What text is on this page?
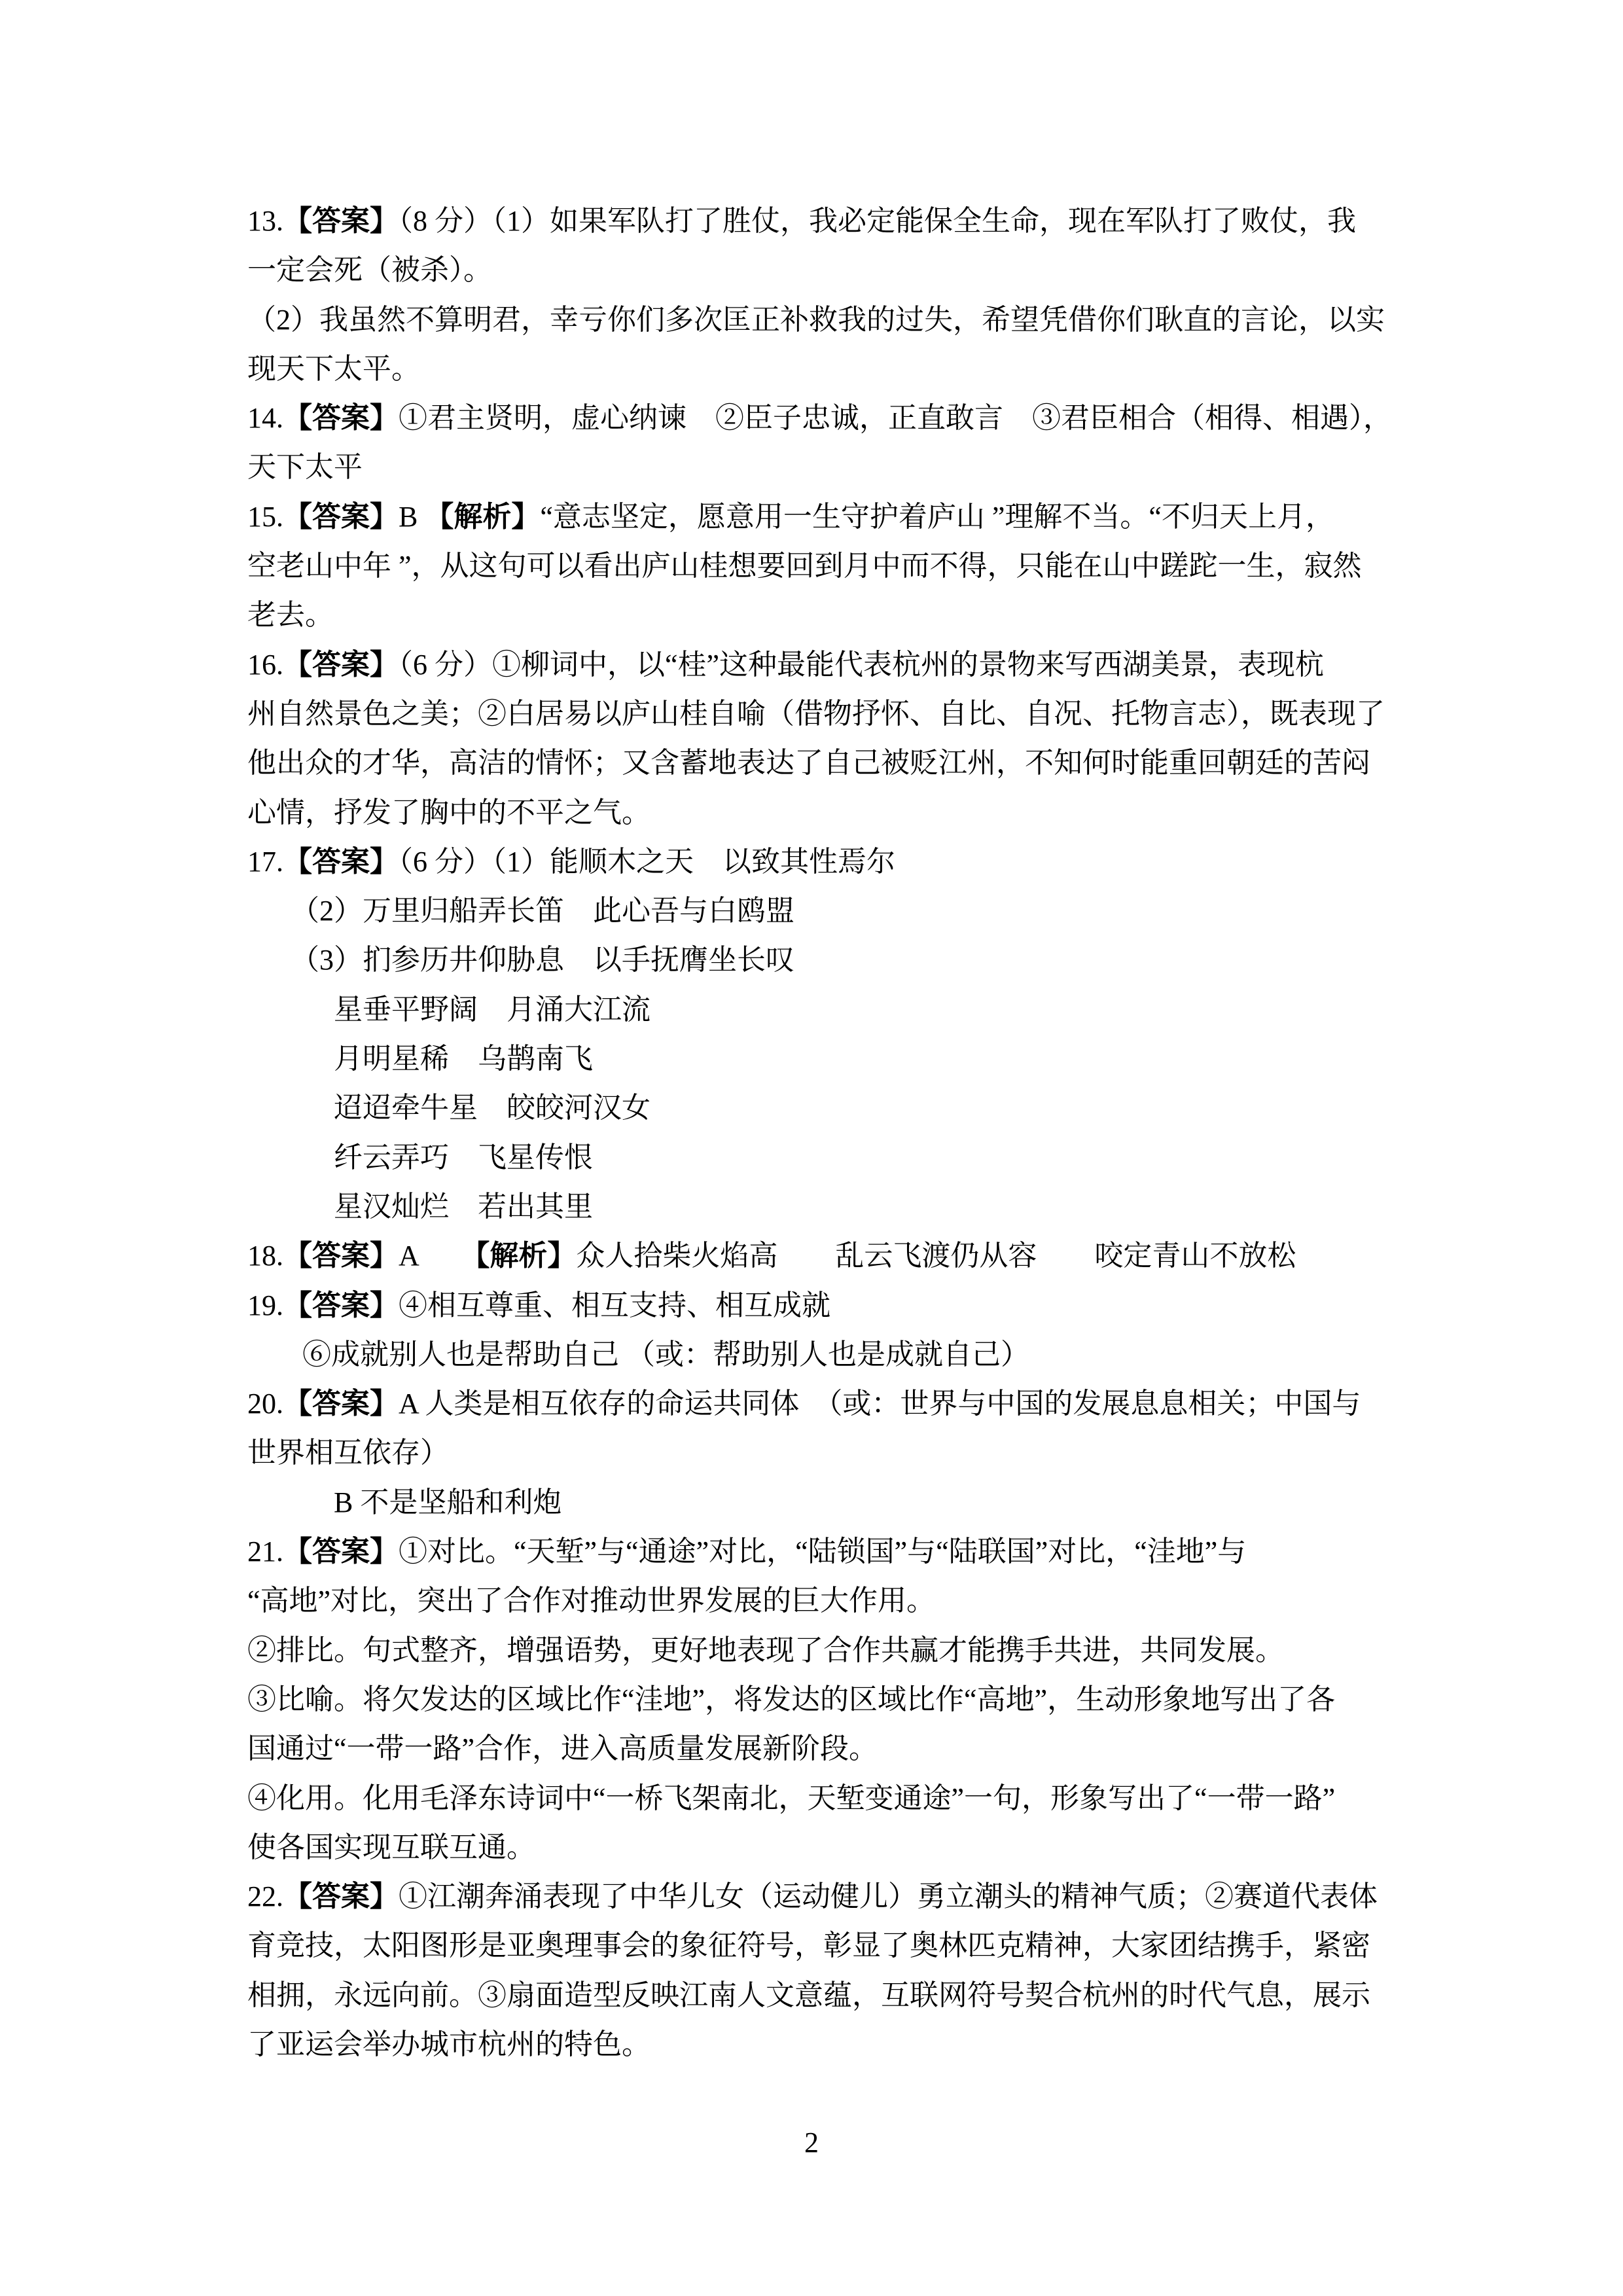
13.【答案】（8 分）（1）如果军队打了胜仗，我必定能保全生命，现在军队打了败仗，我
一定会死（被杀）。
（2）我虽然不算明君，幸亏你们多次匡正补救我的过失，希望凭借你们耿直的言论，以实
现天下太平。
14.【答案】①君主贤明，虚心纳谏　②臣子忠诚，正直敢言　③君臣相合（相得、相遇），
天下太平
15.【答案】B 【解析】“意志坚定，愿意用一生守护着庐山 ”理解不当。“不归天上月，
空老山中年 ”，从这句可以看出庐山桂想要回到月中而不得，只能在山中蹉跎一生，寂然
老去。
16.【答案】（6 分）①柳词中，以“桂”这种最能代表杭州的景物来写西湖美景，表现杭
州自然景色之美；②白居易以庐山桂自喻（借物抒怀、自比、自况、托物言志），既表现了
他出众的才华，高洁的情怀；又含蓄地表达了自己被贬江州，不知何时能重回朝廷的苦闷
心情，抒发了胸中的不平之气。
17.【答案】（6 分）（1）能顺木之天　以致其性焉尔
（2）万里归船弄长笛　此心吾与白鸥盟
（3）扪参历井仰胁息　以手抚膺坐长叹
星垂平野阔　月涌大江流
月明星稀　乌鹊南飞
迢迢牵牛星　皎皎河汉女
纤云弄巧　飞星传恨
星汉灿烂　若出其里
18.【答案】A　　【解析】众人拾柴火焰高　　乱云飞渡仍从容　　咬定青山不放松
19.【答案】④相互尊重、相互支持、相互成就
⑥成就别人也是帮助自己 （或：帮助别人也是成就自己）
20.【答案】A 人类是相互依存的命运共同体　（或：世界与中国的发展息息相关；中国与
世界相互依存）
B 不是坚船和利炮
21.【答案】①对比。“天堑”与“通途”对比，“陆锁国”与“陆联国”对比，“洼地”与
“高地”对比，突出了合作对推动世界发展的巨大作用。
②排比。句式整齐，增强语势，更好地表现了合作共赢才能携手共进，共同发展。
③比喻。将欠发达的区域比作“洼地”，将发达的区域比作“高地”，生动形象地写出了各
国通过“一带一路”合作，进入高质量发展新阶段。
④化用。化用毛泽东诗词中“一桥飞架南北，天堑变通途”一句，形象写出了“一带一路”
使各国实现互联互通。
22.【答案】①江潮奔涌表现了中华儿女（运动健儿）勇立潮头的精神气质；②赛道代表体
育竞技，太阳图形是亚奥理事会的象征符号，彰显了奥林匹克精神，大家团结携手，紧密
相拥，永远向前。③扇面造型反映江南人文意蕴，互联网符号契合杭州的时代气息，展示
了亚运会举办城市杭州的特色。
2
